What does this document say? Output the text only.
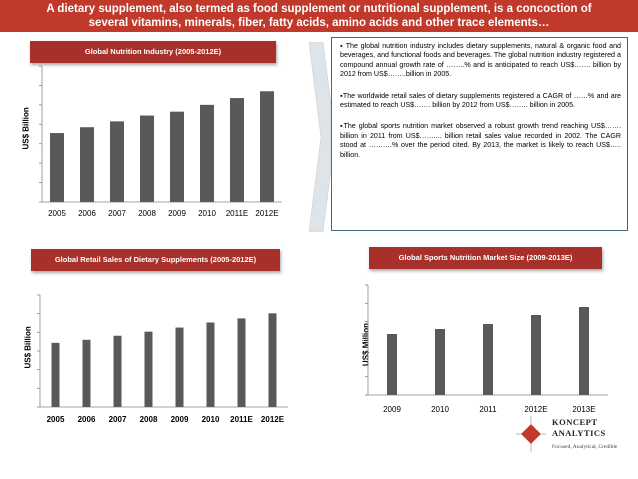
A dietary supplement, also termed as food supplement or nutritional supplement, is a concoction of
several vitamins, minerals, fiber, fatty acids, amino acids and other trace elements…
Global Nutrition Industry (2005-2012E)
US$ Billion
2005 2006 2007 2008 2009 2010 2011E 2012E

▪ The global nutrition industry includes dietary supplements, natural & organic food and beverages, and functional foods and beverages. The global nutrition industry registered a compound annual growth rate of ……..% and is anticipated to reach US$……. billion by 2012 from US$……..billion in 2005.

▪The worldwide retail sales of dietary supplements registered a CAGR of ……% and are estimated to reach US$……. billion by 2012 from US$…….. billion in 2005.

▪The global sports nutrition market observed a robust growth trend reaching US$……. billion in 2011 from US$…….... billion retail sales value recorded in 2002. The CAGR stood at ……….% over the period cited. By 2013, the market is likely to reach US$….. billion.

Global Retail Sales of Dietary Supplements (2005-2012E)
US$ Billion
2005 2006 2007 2008 2009 2010 2011E 2012E
Global Sports Nutrition Market Size (2009-2013E)
US$ Million
2009	2010	2011	2012E	2013E
KONCEPT
ANALYTICS
Focused, Analytical, Credible
